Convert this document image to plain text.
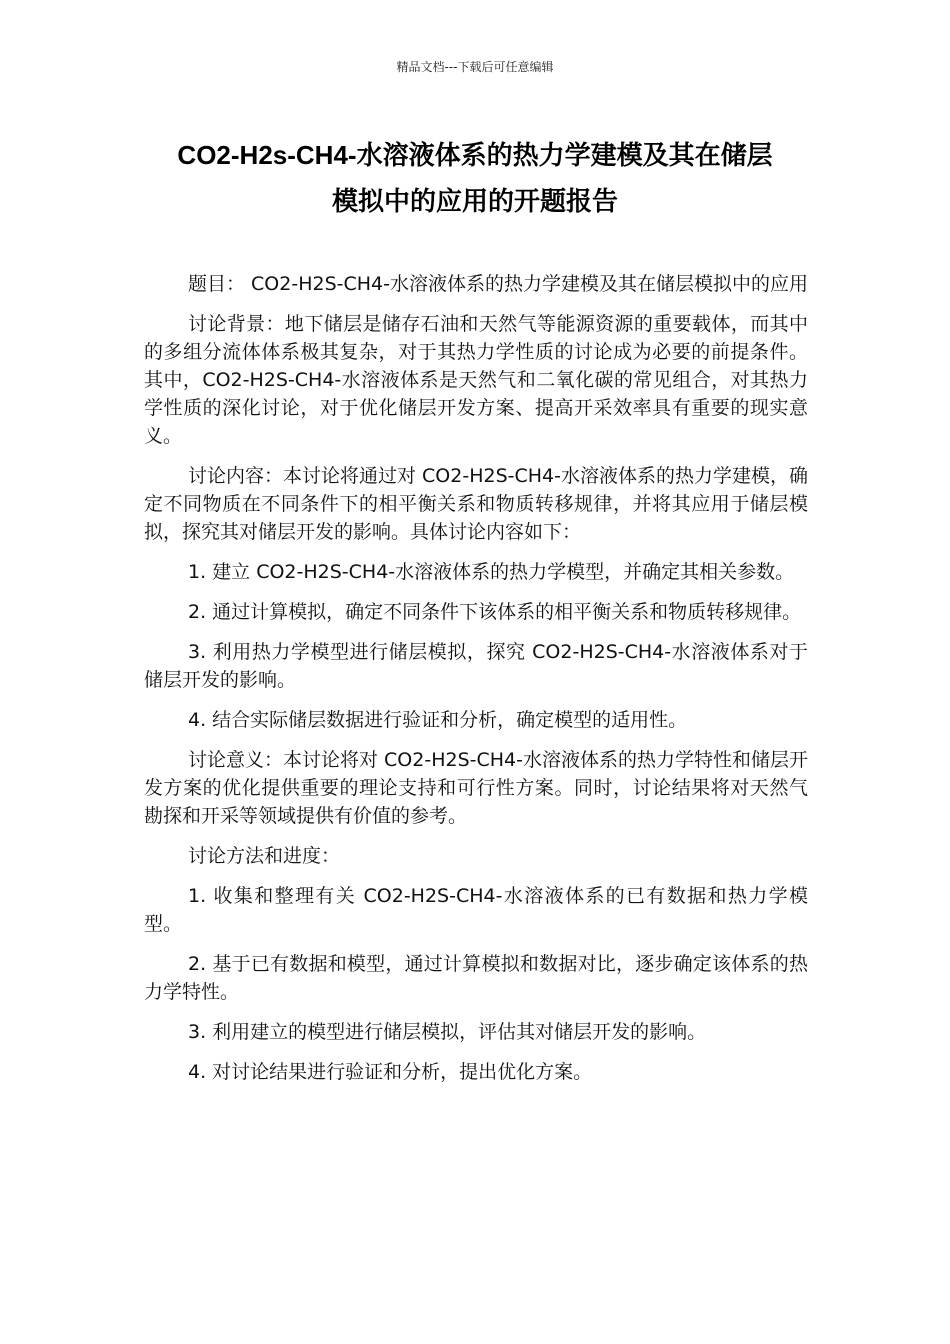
精品文档---下载后可任意编辑
CO2-H2s-CH4-水溶液体系的热力学建模及其在储层
模拟中的应用的开题报告

题目： CO2-H2S-CH4-水溶液体系的热力学建模及其在储层模拟中的应用

讨论背景：地下储层是储存石油和天然气等能源资源的重要载体，而其中的多组分流体体系极其复杂，对于其热力学性质的讨论成为必要的前提条件。其中，CO2-H2S-CH4-水溶液体系是天然气和二氧化碳的常见组合，对其热力学性质的深化讨论，对于优化储层开发方案、提高开采效率具有重要的现实意义。

讨论内容：本讨论将通过对 CO2-H2S-CH4-水溶液体系的热力学建模，确定不同物质在不同条件下的相平衡关系和物质转移规律，并将其应用于储层模拟，探究其对储层开发的影响。具体讨论内容如下：

1. 建立 CO2-H2S-CH4-水溶液体系的热力学模型，并确定其相关参数。

2. 通过计算模拟，确定不同条件下该体系的相平衡关系和物质转移规律。

3. 利用热力学模型进行储层模拟，探究 CO2-H2S-CH4-水溶液体系对于储层开发的影响。

4. 结合实际储层数据进行验证和分析，确定模型的适用性。

讨论意义：本讨论将对 CO2-H2S-CH4-水溶液体系的热力学特性和储层开发方案的优化提供重要的理论支持和可行性方案。同时，讨论结果将对天然气勘探和开采等领域提供有价值的参考。

讨论方法和进度：

1. 收集和整理有关 CO2-H2S-CH4-水溶液体系的已有数据和热力学模型。

2. 基于已有数据和模型，通过计算模拟和数据对比，逐步确定该体系的热力学特性。

3. 利用建立的模型进行储层模拟，评估其对储层开发的影响。

4. 对讨论结果进行验证和分析，提出优化方案。
